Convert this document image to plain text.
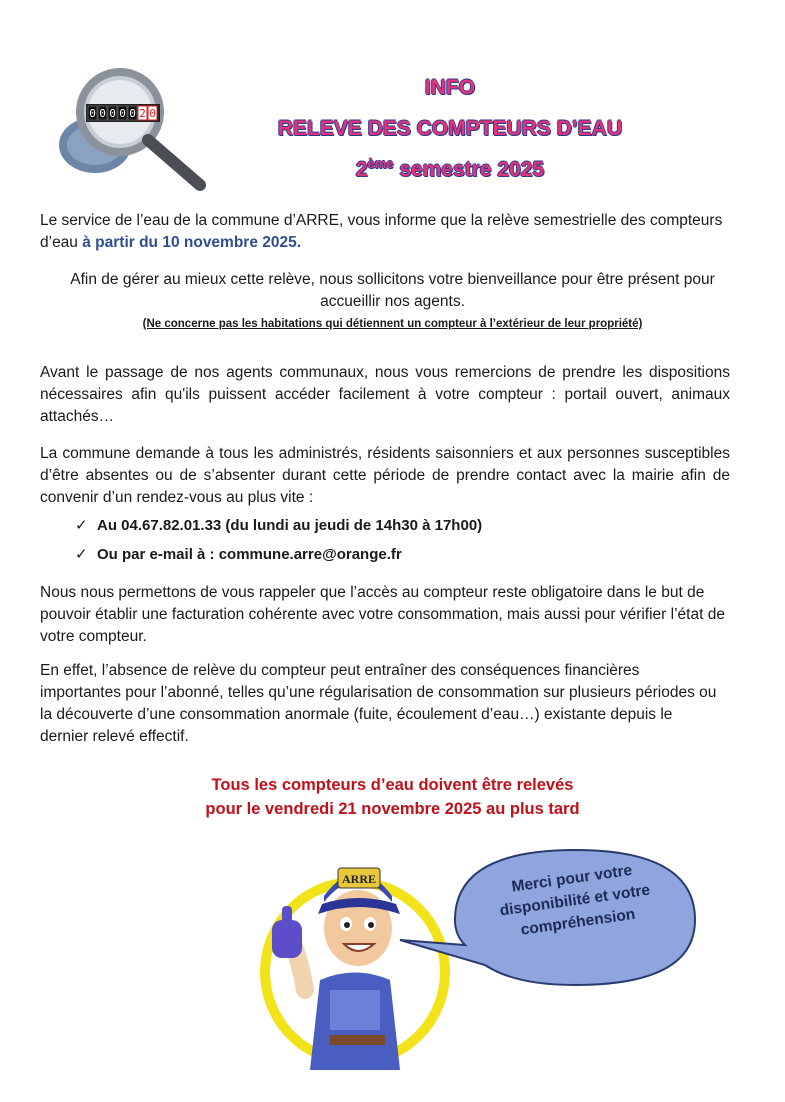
0 0 0 0 0 2 0
INFO
RELEVE DES COMPTEURS D’EAU
2ème semestre 2025
Le service de l’eau de la commune d’ARRE, vous informe que la relève semestrielle des compteurs d’eau à partir du 10 novembre 2025.
Afin de gérer au mieux cette relève, nous sollicitons votre bienveillance pour être présent pour accueillir nos agents.
(Ne concerne pas les habitations qui détiennent un compteur à l’extérieur de leur propriété)
Avant le passage de nos agents communaux, nous vous remercions de prendre les dispositions nécessaires afin qu'ils puissent accéder facilement à votre compteur : portail ouvert, animaux attachés…
La commune demande à tous les administrés, résidents saisonniers et aux personnes susceptibles d’être absentes ou de s’absenter durant cette période de prendre contact avec la mairie afin de convenir d’un rendez-vous au plus vite :
✓ Au 04.67.82.01.33 (du lundi au jeudi de 14h30 à 17h00)
✓ Ou par e-mail à : commune.arre@orange.fr
Nous nous permettons de vous rappeler que l’accès au compteur reste obligatoire dans le but de pouvoir établir une facturation cohérente avec votre consommation, mais aussi pour vérifier l’état de votre compteur.
En effet, l’absence de relève du compteur peut entraîner des conséquences financières importantes pour l’abonné, telles qu’une régularisation de consommation sur plusieurs périodes ou la découverte d’une consommation anormale (fuite, écoulement d’eau…) existante depuis le dernier relevé effectif.
Tous les compteurs d’eau doivent être relevés
pour le vendredi 21 novembre 2025 au plus tard
ARRE	Merci pour votre disponibilité et votre compréhension
